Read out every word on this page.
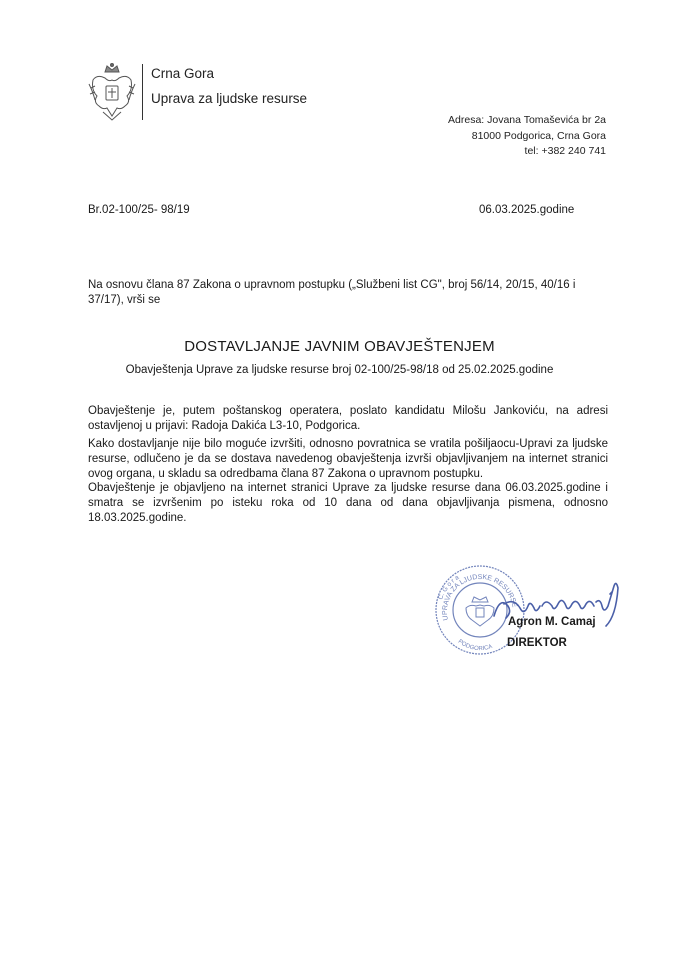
Crna Gora
Uprava za ljudske resurse
Adresa: Jovana Tomaševića br 2a
81000 Podgorica, Crna Gora
tel: +382 240 741
Br.02-100/25- 98/19	06.03.2025.godine
Na osnovu člana 87 Zakona o upravnom postupku („Službeni list CG", broj 56/14, 20/15, 40/16 i 37/17), vrši se
DOSTAVLJANJE JAVNIM OBAVJEŠTENJEM
Obavještenja Uprave za ljudske resurse broj 02-100/25-98/18 od 25.02.2025.godine
Obavještenje je, putem poštanskog operatera, poslato kandidatu Milošu Jankoviću, na adresi ostavljenoj u prijavi: Radoja Dakića L3-10, Podgorica.
Kako dostavljanje nije bilo moguće izvršiti, odnosno povratnica se vratila pošiljaocu-Upravi za ljudske resurse, odlučeno je da se dostava navedenog obavještenja izvrši objavljivanjem na internet stranici ovog organa, u skladu sa odredbama člana 87 Zakona o upravnom postupku.
Obavještenje je objavljeno na internet stranici Uprave za ljudske resurse dana 06.03.2025.godine i smatra se izvršenim po isteku roka od 10 dana od dana objavljivanja pismena, odnosno 18.03.2025.godine.
UPRAVA ZA LJUDSKE RESURSE
C. G o r a
PODGORICA
Agron M. Camaj
DIREKTOR
